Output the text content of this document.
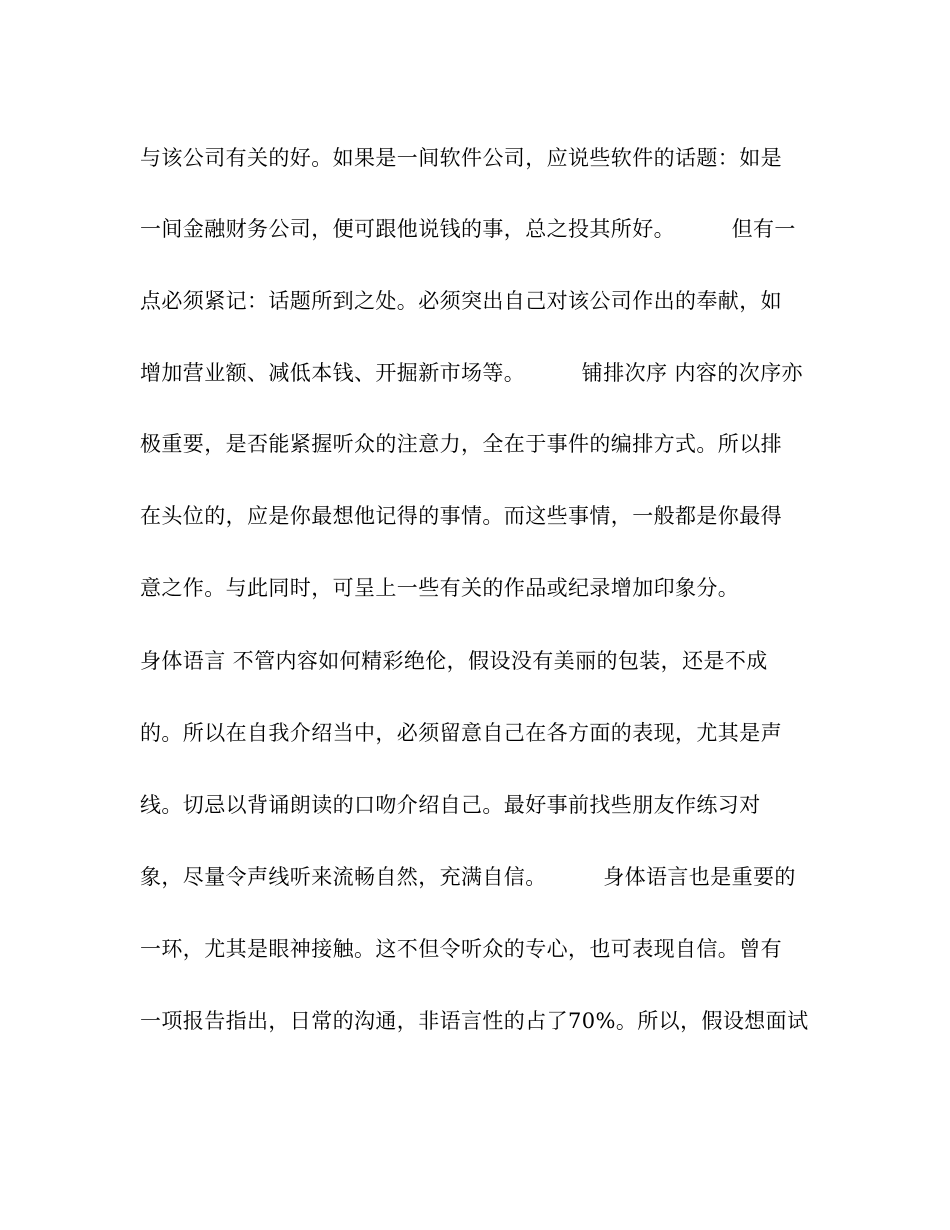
与该公司有关的好。如果是一间软件公司，应说些软件的话题：如是
一间金融财务公司，便可跟他说钱的事，总之投其所好。        但有一
点必须紧记：话题所到之处。必须突出自己对该公司作出的奉献，如
增加营业额、减低本钱、开掘新市场等。        铺排次序 内容的次序亦
极重要，是否能紧握听众的注意力，全在于事件的编排方式。所以排
在头位的，应是你最想他记得的事情。而这些事情，一般都是你最得
意之作。与此同时，可呈上一些有关的作品或纪录增加印象分。
身体语言 不管内容如何精彩绝伦，假设没有美丽的包装，还是不成
的。所以在自我介绍当中，必须留意自己在各方面的表现，尤其是声
线。切忌以背诵朗读的口吻介绍自己。最好事前找些朋友作练习对
象，尽量令声线听来流畅自然，充满自信。        身体语言也是重要的
一环，尤其是眼神接触。这不但令听众的专心，也可表现自信。曾有
一项报告指出，日常的沟通，非语言性的占了70%。所以，假设想面试
